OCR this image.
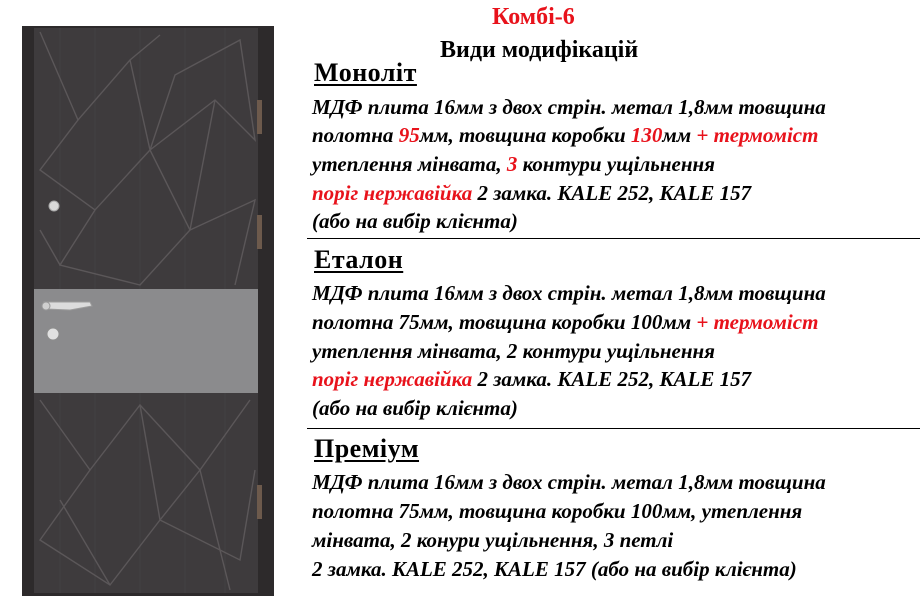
Комбі-6
Види модифікацій
Моноліт
МДФ плита 16мм з двох стрін. метал 1,8мм товщина
полотна 95мм, товщина коробки 130мм + термоміст
утеплення мінвата, 3 контури ущільнення
поріг нержавійка 2 замка. KALE 252, KALE 157
(або на вибір клієнта)
Еталон
МДФ плита 16мм з двох стрін. метал 1,8мм товщина
полотна 75мм, товщина коробки 100мм + термоміст
утеплення мінвата, 2 контури ущільнення
поріг нержавійка 2 замка. KALE 252, KALE 157
(або на вибір клієнта)
Преміум
МДФ плита 16мм з двох стрін. метал 1,8мм товщина
полотна 75мм, товщина коробки 100мм, утеплення
мінвата, 2 конури ущільнення, 3 петлі
2 замка. KALE 252, KALE 157 (або на вибір клієнта)
